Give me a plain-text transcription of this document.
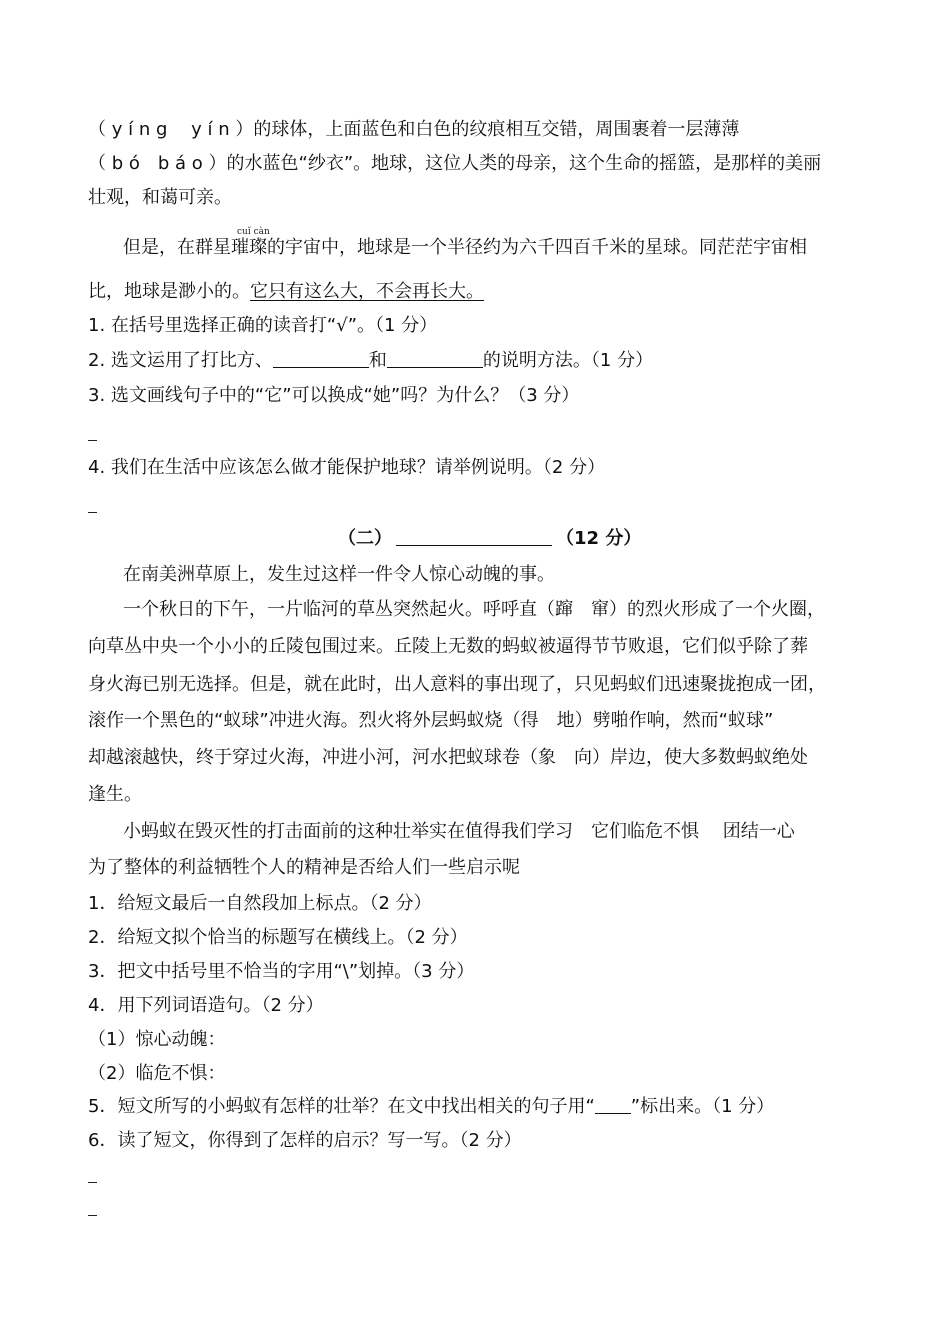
（ y í n g　 y í n ）的球体，上面蓝色和白色的纹痕相互交错，周围裹着一层薄薄
（ b ó　b á o ）的水蓝色“纱衣”。地球，这位人类的母亲，这个生命的摇篮，是那样的美丽
壮观，和蔼可亲。
cuǐ càn
但是，在群星璀璨的宇宙中，地球是一个半径约为六千四百千米的星球。同茫茫宇宙相
比，地球是渺小的。它只有这么大，不会再长大。
1. 在括号里选择正确的读音打“√”。（1 分）
2. 选文运用了打比方、	和	的说明方法。（1 分）
3. 选文画线句子中的“它”可以换成“她”吗？为什么？（3 分）
4. 我们在生活中应该怎么做才能保护地球？请举例说明。（2 分）
（二）	（12 分）
在南美洲草原上，发生过这样一件令人惊心动魄的事。
一个秋日的下午，一片临河的草丛突然起火。呼呼直（蹿　窜）的烈火形成了一个火圈，
向草丛中央一个小小的丘陵包围过来。丘陵上无数的蚂蚁被逼得节节败退，它们似乎除了葬
身火海已别无选择。但是，就在此时，出人意料的事出现了，只见蚂蚁们迅速聚拢抱成一团，
滚作一个黑色的“蚁球”冲进火海。烈火将外层蚂蚁烧（得　地）劈啪作响，然而“蚁球”
却越滚越快，终于穿过火海，冲进小河，河水把蚁球卷（象　向）岸边，使大多数蚂蚁绝处
逢生。
小蚂蚁在毁灭性的打击面前的这种壮举实在值得我们学习　它们临危不惧　 团结一心
为了整体的利益牺牲个人的精神是否给人们一些启示呢
1．给短文最后一自然段加上标点。（2 分）
2．给短文拟个恰当的标题写在横线上。（2 分）
3．把文中括号里不恰当的字用“\”划掉。（3 分）
4．用下列词语造句。（2 分）
（1）惊心动魄：
（2）临危不惧：
5．短文所写的小蚂蚁有怎样的壮举？在文中找出相关的句子用“ ”标出来。（1 分）
6．读了短文，你得到了怎样的启示？写一写。（2 分）
